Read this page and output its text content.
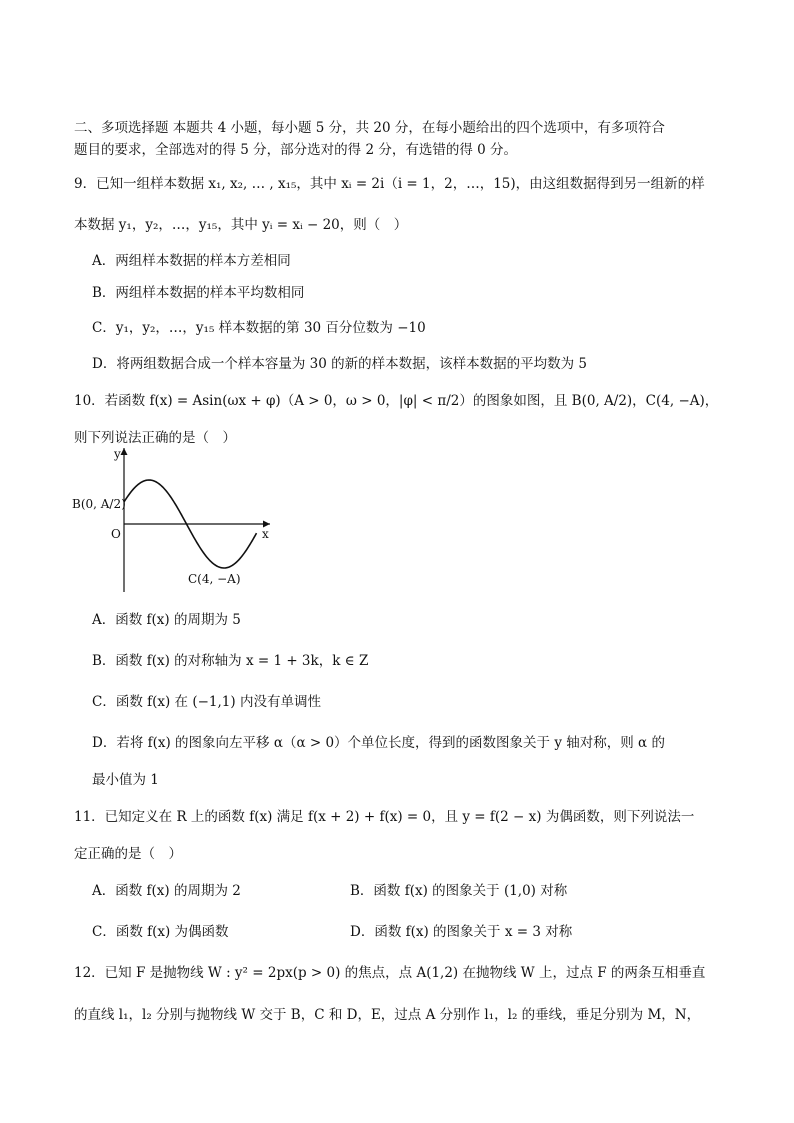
二、多项选择题 本题共 4 小题，每小题 5 分，共 20 分，在每小题给出的四个选项中，有多项符合
题目的要求，全部选对的得 5 分，部分选对的得 2 分，有选错的得 0 分。
9．已知一组样本数据 x₁, x₂, … , x₁₅，其中 xᵢ = 2i（i = 1，2，…，15)，由这组数据得到另一组新的样
本数据 y₁，y₂，…，y₁₅，其中 yᵢ = xᵢ − 20，则（　）
A．两组样本数据的样本方差相同
B．两组样本数据的样本平均数相同
C．y₁，y₂，…，y₁₅ 样本数据的第 30 百分位数为 −10
D．将两组数据合成一个样本容量为 30 的新的样本数据，该样本数据的平均数为 5
10．若函数 f(x) = Asin(ωx + φ)（A > 0，ω > 0，|φ| < π/2）的图象如图，且 B(0, A/2)，C(4, −A)，
则下列说法正确的是（　）
y
x
O
B(0, A/2)
C(4, −A)
A．函数 f(x) 的周期为 5
B．函数 f(x) 的对称轴为 x = 1 + 3k，k ∈ Z
C．函数 f(x) 在 (−1,1) 内没有单调性
D．若将 f(x) 的图象向左平移 α（α > 0）个单位长度，得到的函数图象关于 y 轴对称，则 α 的
最小值为 1
11．已知定义在 R 上的函数 f(x) 满足 f(x + 2) + f(x) = 0，且 y = f(2 − x) 为偶函数，则下列说法一
定正确的是（　）
A．函数 f(x) 的周期为 2	B．函数 f(x) 的图象关于 (1,0) 对称
C．函数 f(x) 为偶函数	D．函数 f(x) 的图象关于 x = 3 对称
12．已知 F 是抛物线 W : y² = 2px(p > 0) 的焦点，点 A(1,2) 在抛物线 W 上，过点 F 的两条互相垂直
的直线 l₁，l₂ 分别与抛物线 W 交于 B，C 和 D，E，过点 A 分别作 l₁，l₂ 的垂线，垂足分别为 M，N，
